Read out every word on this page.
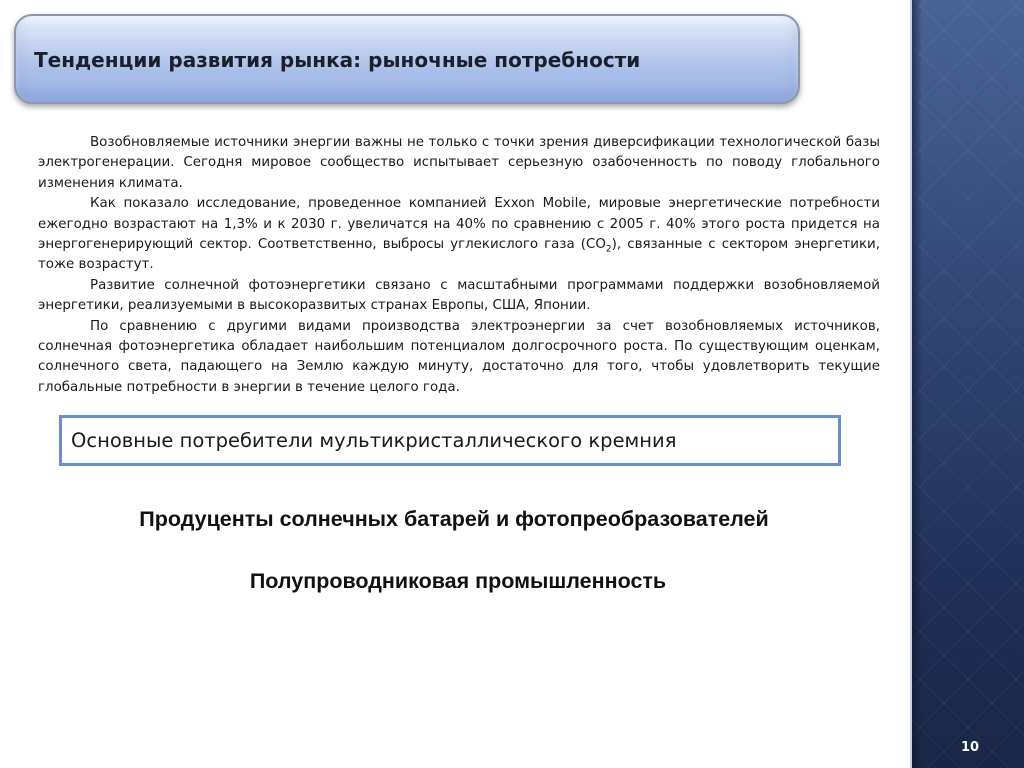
10
Тенденции развития рынка: рыночные потребности

Возобновляемые источники энергии важны не только с точки зрения диверсификации технологической базы электрогенерации. Сегодня мировое сообщество испытывает серьезную озабоченность по поводу глобального изменения климата.

Как показало исследование, проведенное компанией Exxon Mobile, мировые энергетические потребности ежегодно возрастают на 1,3% и к 2030 г. увеличатся на 40% по сравнению с 2005 г. 40% этого роста придется на энергогенерирующий сектор. Соответственно, выбросы углекислого газа $(CO_2)$, связанные с сектором энергетики, тоже возрастут.

Развитие солнечной фотоэнергетики связано с масштабными программами поддержки возобновляемой энергетики, реализуемыми в высокоразвитых странах Европы, США, Японии.

По сравнению с другими видами производства электроэнергии за счет возобновляемых источников, солнечная фотоэнергетика обладает наибольшим потенциалом долгосрочного роста. По существующим оценкам, солнечного света, падающего на Землю каждую минуту, достаточно для того, чтобы удовлетворить текущие глобальные потребности в энергии в течение целого года.

Основные потребители мультикристаллического кремния
Продуценты солнечных батарей и фотопреобразователей
Полупроводниковая промышленность
